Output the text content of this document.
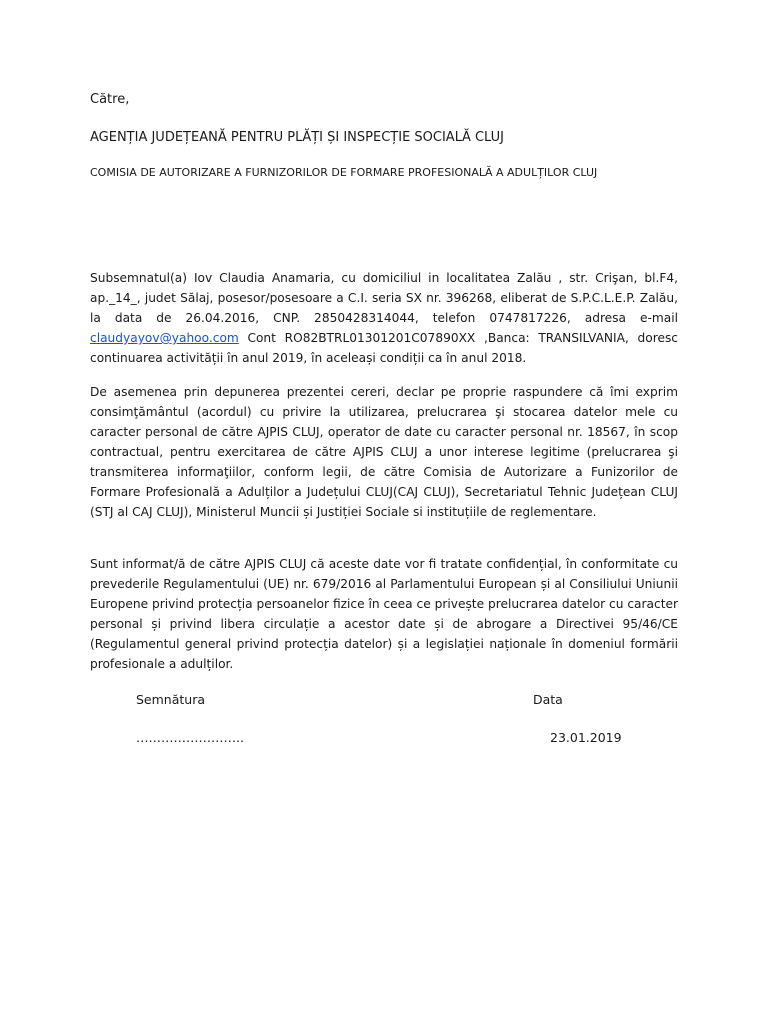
Către,
AGENȚIA JUDEȚEANĂ PENTRU PLĂȚI ȘI INSPECȚIE SOCIALĂ CLUJ
COMISIA DE AUTORIZARE A FURNIZORILOR DE FORMARE PROFESIONALĂ A ADULȚILOR CLUJ

Subsemnatul(a) Iov Claudia Anamaria, cu domiciliul in localitatea Zalău , str. Crişan, bl.F4, ap._14_, judet Sălaj, posesor/posesoare a C.I. seria SX nr. 396268, eliberat de S.P.C.L.E.P. Zalău, la data de 26.04.2016, CNP. 2850428314044, telefon 0747817226, adresa e-mail claudyayov@yahoo.com Cont RO82BTRL01301201C07890XX ,Banca: TRANSILVANIA, doresc continuarea activității în anul 2019, în aceleași condiții ca în anul 2018.

De asemenea prin depunerea prezentei cereri, declar pe proprie raspundere că îmi exprim consimţământul (acordul) cu privire la utilizarea, prelucrarea şi stocarea datelor mele cu caracter personal de către AJPIS CLUJ, operator de date cu caracter personal nr. 18567, în scop contractual, pentru exercitarea de către AJPIS CLUJ a unor interese legitime (prelucrarea şi transmiterea informaţiilor, conform legii, de către Comisia de Autorizare a Funizorilor de Formare Profesională a Adulților a Județului CLUJ(CAJ CLUJ), Secretariatul Tehnic Județean CLUJ (STJ al CAJ CLUJ), Ministerul Muncii și Justiției Sociale si instituțiile de reglementare.

Sunt informat/ă de către AJPIS CLUJ că aceste date vor fi tratate confidențial, în conformitate cu prevederile Regulamentului (UE) nr. 679/2016 al Parlamentului European și al Consiliului Uniunii Europene privind protecția persoanelor fizice în ceea ce privește prelucrarea datelor cu caracter personal și privind libera circulație a acestor date și de abrogare a Directivei 95/46/CE (Regulamentul general privind protecția datelor) și a legislației naționale în domeniul formării profesionale a adulților.

Semnătura	Data
……………………..	23.01.2019
